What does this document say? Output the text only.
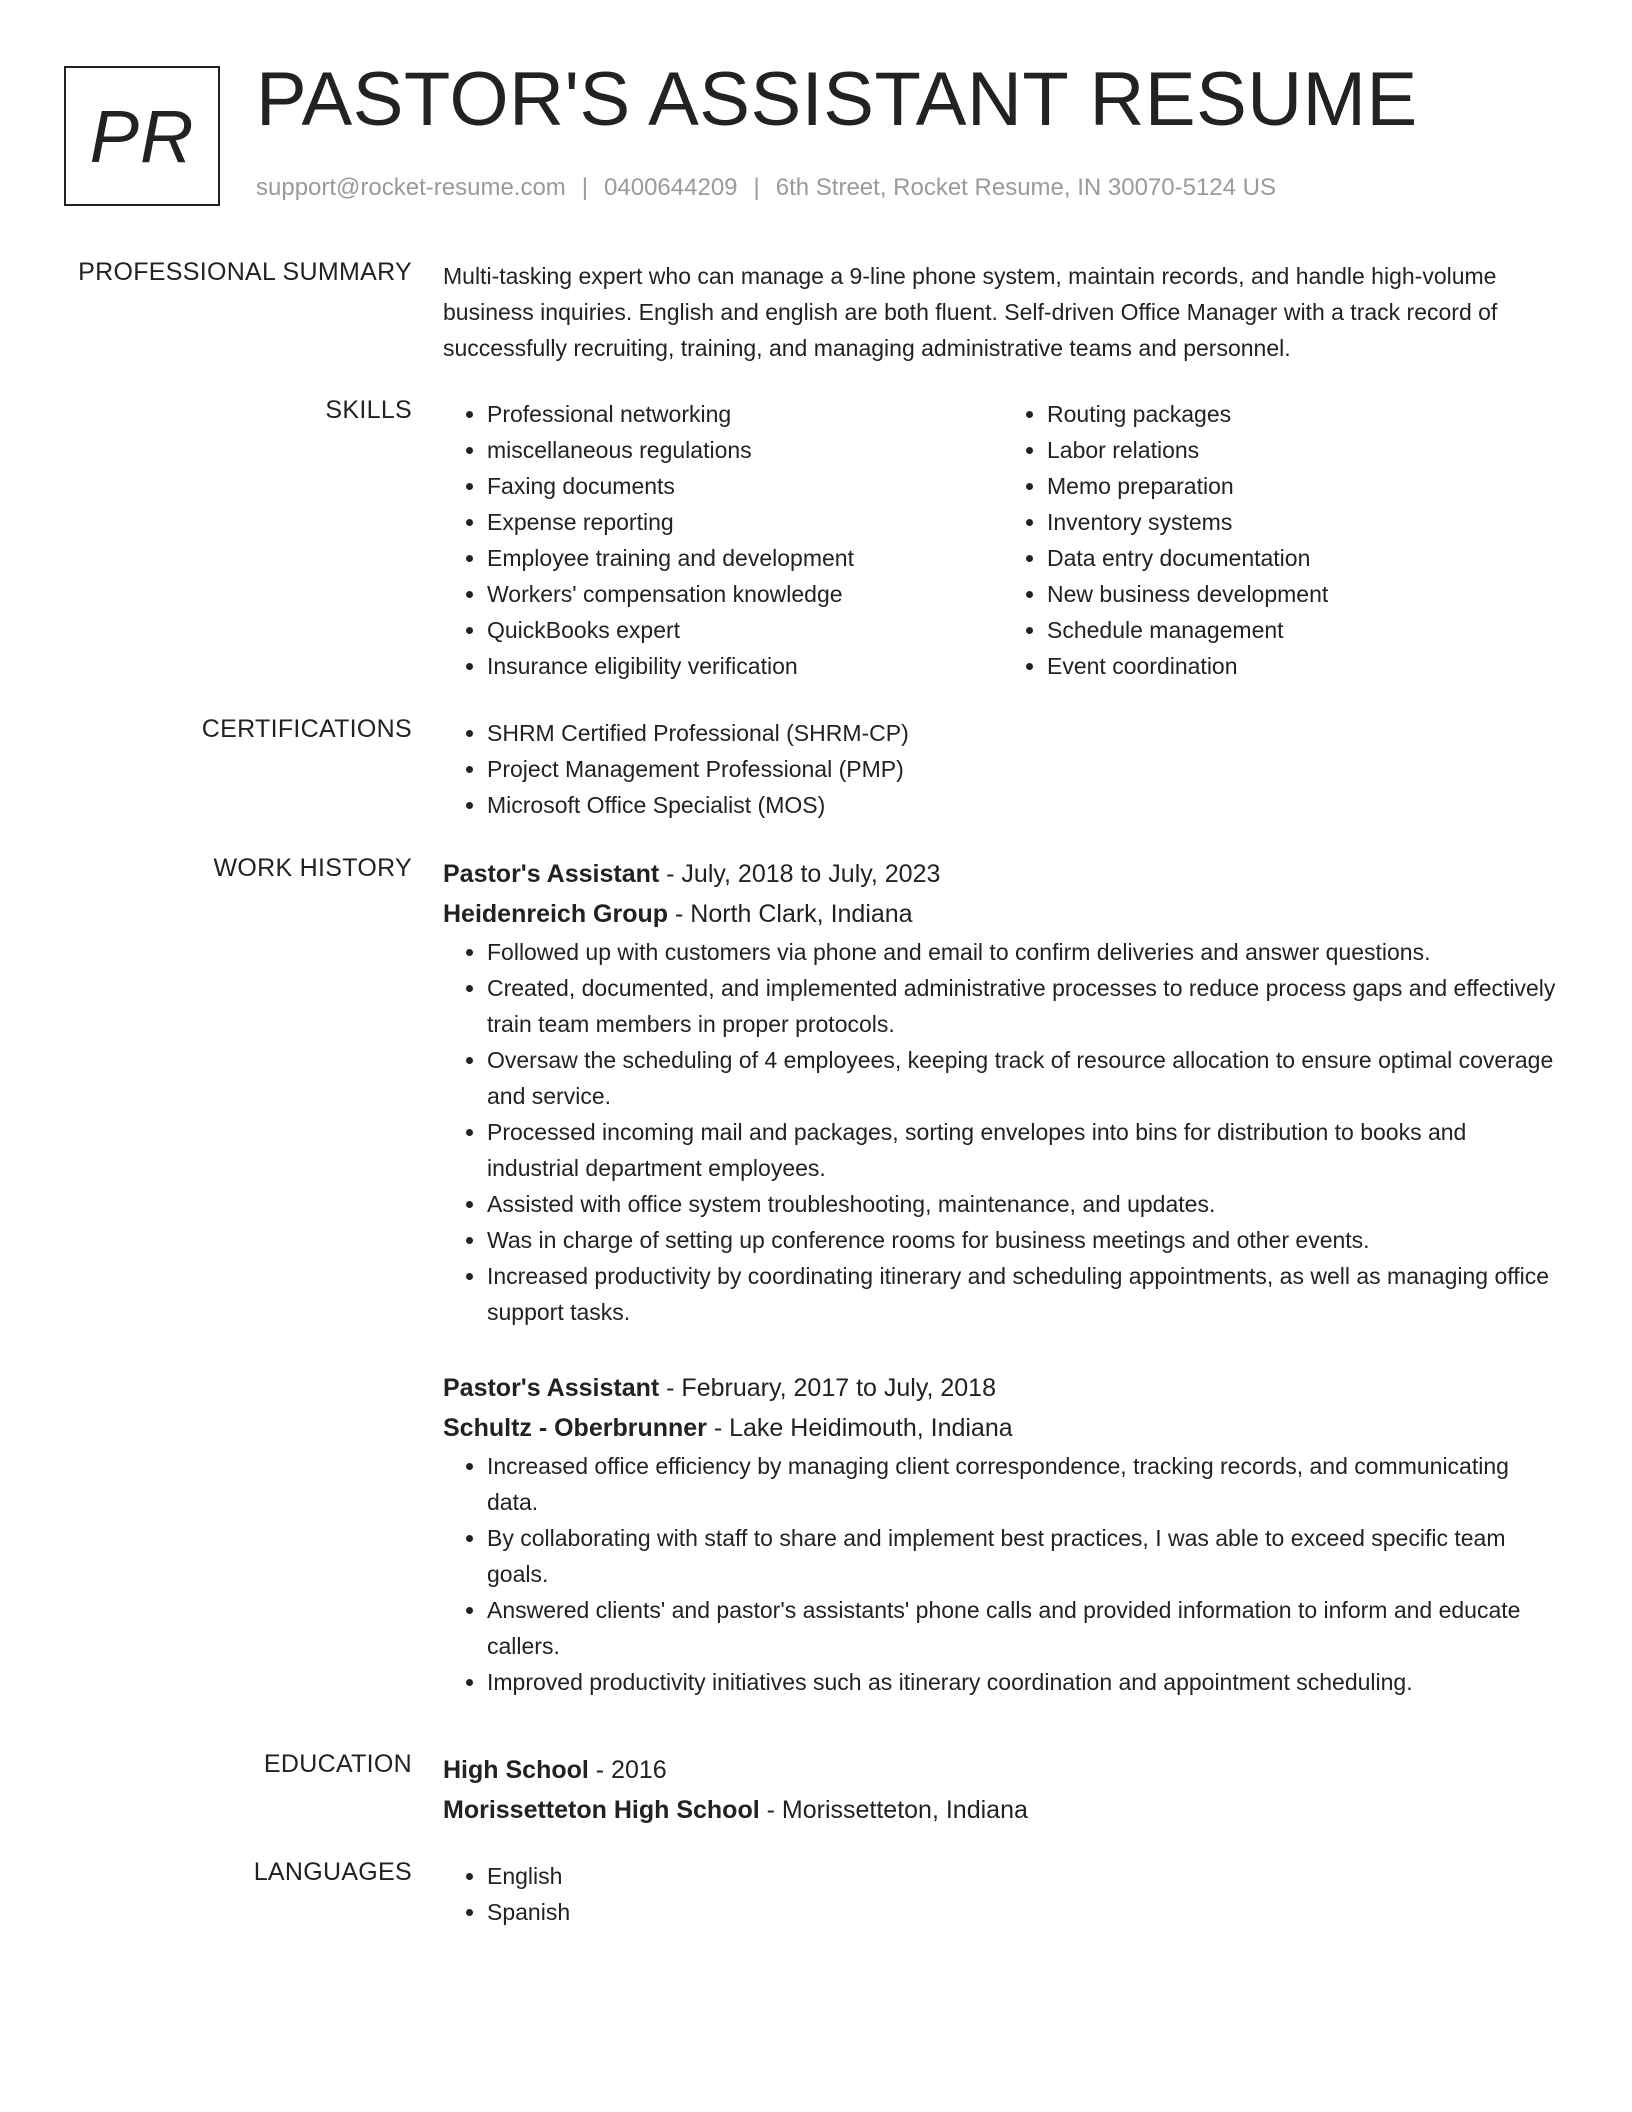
PR PASTOR'S ASSISTANT RESUME
support@rocket-resume.com | 0400644209 | 6th Street, Rocket Resume, IN 30070-5124 US
PROFESSIONAL SUMMARY Multi-tasking expert who can manage a 9-line phone system, maintain records, and handle high-volume business inquiries. English and english are both fluent. Self-driven Office Manager with a track record of successfully recruiting, training, and managing administrative teams and personnel.

SKILLS	• Professional networking
• miscellaneous regulations
• Faxing documents
• Expense reporting
• Employee training and development
• Workers' compensation knowledge
• QuickBooks expert
• Insurance eligibility verification
• Routing packages
• Labor relations
• Memo preparation
• Inventory systems
• Data entry documentation
• New business development
• Schedule management
• Event coordination
CERTIFICATIONS	• SHRM Certified Professional (SHRM-CP)
• Project Management Professional (PMP)
• Microsoft Office Specialist (MOS)
WORK HISTORY Pastor's Assistant - July, 2018 to July, 2023
Heidenreich Group - North Clark, Indiana
• Followed up with customers via phone and email to confirm deliveries and answer questions.
• Created, documented, and implemented administrative processes to reduce process gaps and effectively train team members in proper protocols.
• Oversaw the scheduling of 4 employees, keeping track of resource allocation to ensure optimal coverage and service.
• Processed incoming mail and packages, sorting envelopes into bins for distribution to books and industrial department employees.
• Assisted with office system troubleshooting, maintenance, and updates.
• Was in charge of setting up conference rooms for business meetings and other events.
• Increased productivity by coordinating itinerary and scheduling appointments, as well as managing office support tasks.
Pastor's Assistant - February, 2017 to July, 2018
Schultz - Oberbrunner - Lake Heidimouth, Indiana
• Increased office efficiency by managing client correspondence, tracking records, and communicating data.
• By collaborating with staff to share and implement best practices, I was able to exceed specific team goals.
• Answered clients' and pastor's assistants' phone calls and provided information to inform and educate callers.
• Improved productivity initiatives such as itinerary coordination and appointment scheduling.
EDUCATION High School - 2016
Morissetteton High School - Morissetteton, Indiana
LANGUAGES	• English
• Spanish
